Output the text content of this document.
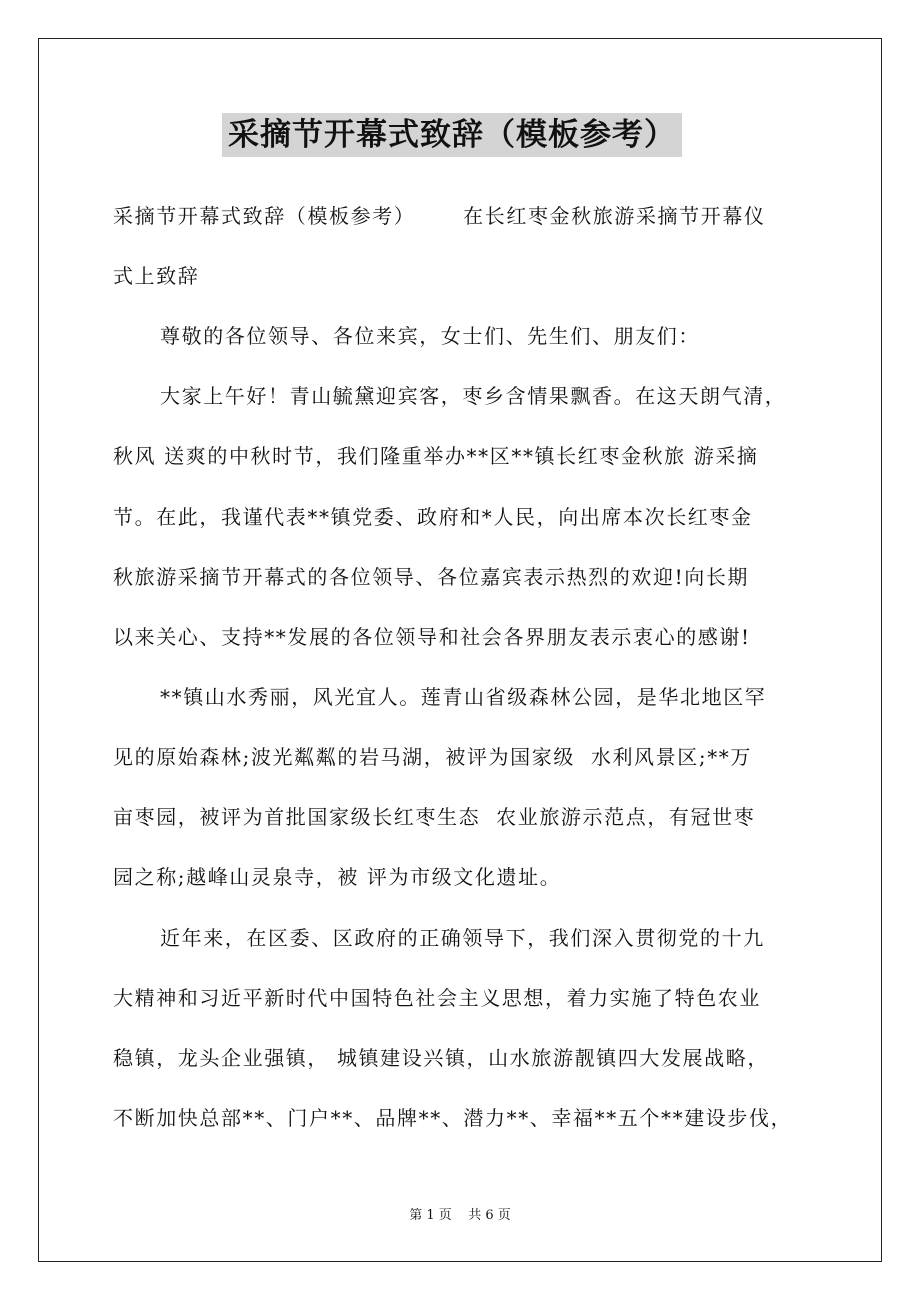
采摘节开幕式致辞（模板参考）
采摘节开幕式致辞（模板参考）      在长红枣金秋旅游采摘节开幕仪
式上致辞
尊敬的各位领导、各位来宾，女士们、先生们、朋友们：
大家上午好！青山毓黛迎宾客，枣乡含情果飘香。在这天朗气清，
秋风 送爽的中秋时节，我们隆重举办**区**镇长红枣金秋旅 游采摘
节。在此，我谨代表**镇党委、政府和*人民，向出席本次长红枣金
秋旅游采摘节开幕式的各位领导、各位嘉宾表示热烈的欢迎!向长期
以来关心、支持**发展的各位领导和社会各界朋友表示衷心的感谢!
**镇山水秀丽，风光宜人。莲青山省级森林公园，是华北地区罕
见的原始森林;波光粼粼的岩马湖，被评为国家级  水利风景区;**万
亩枣园，被评为首批国家级长红枣生态  农业旅游示范点，有冠世枣
园之称;越峰山灵泉寺，被 评为市级文化遗址。
近年来，在区委、区政府的正确领导下，我们深入贯彻党的十九
大精神和习近平新时代中国特色社会主义思想，着力实施了特色农业
稳镇，龙头企业强镇， 城镇建设兴镇，山水旅游靓镇四大发展战略，
不断加快总部**、门户**、品牌**、潜力**、幸福**五个**建设步伐，
第 1 页    共 6 页
